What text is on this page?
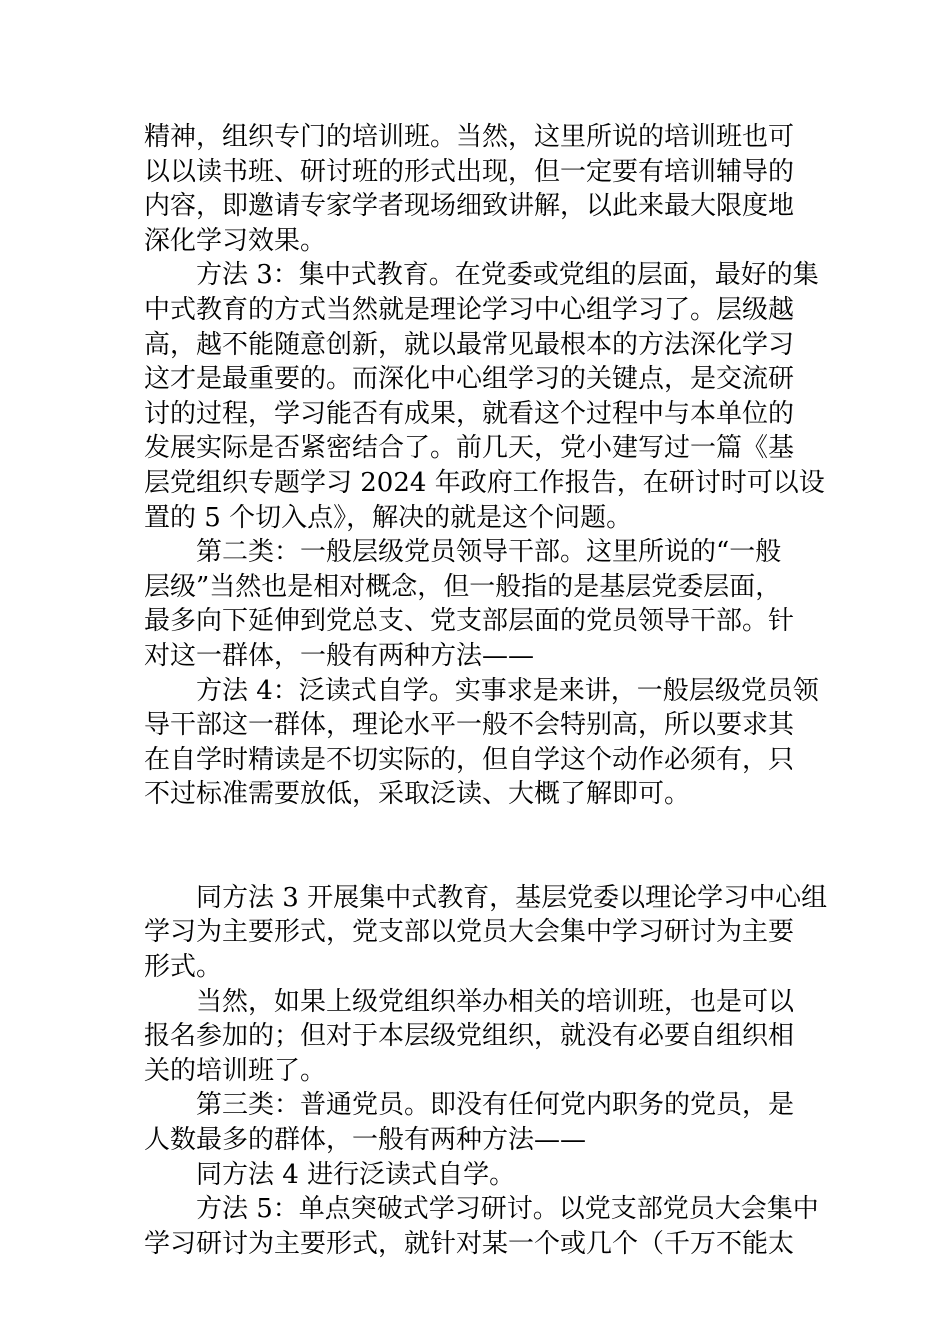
精神，组织专门的培训班。当然，这里所说的培训班也可
以以读书班、研讨班的形式出现，但一定要有培训辅导的
内容，即邀请专家学者现场细致讲解，以此来最大限度地
深化学习效果。
方法 3：集中式教育。在党委或党组的层面，最好的集
中式教育的方式当然就是理论学习中心组学习了。层级越
高，越不能随意创新，就以最常见最根本的方法深化学习
这才是最重要的。而深化中心组学习的关键点，是交流研
讨的过程，学习能否有成果，就看这个过程中与本单位的
发展实际是否紧密结合了。前几天，党小建写过一篇《基
层党组织专题学习 2024 年政府工作报告，在研讨时可以设
置的 5 个切入点》，解决的就是这个问题。
第二类：一般层级党员领导干部。这里所说的“一般
层级”当然也是相对概念，但一般指的是基层党委层面，
最多向下延伸到党总支、党支部层面的党员领导干部。针
对这一群体，一般有两种方法——
方法 4：泛读式自学。实事求是来讲，一般层级党员领
导干部这一群体，理论水平一般不会特别高，所以要求其
在自学时精读是不切实际的，但自学这个动作必须有，只
不过标准需要放低，采取泛读、大概了解即可。
同方法 3 开展集中式教育，基层党委以理论学习中心组
学习为主要形式，党支部以党员大会集中学习研讨为主要
形式。
当然，如果上级党组织举办相关的培训班，也是可以
报名参加的；但对于本层级党组织，就没有必要自组织相
关的培训班了。
第三类：普通党员。即没有任何党内职务的党员，是
人数最多的群体，一般有两种方法——
同方法 4 进行泛读式自学。
方法 5：单点突破式学习研讨。以党支部党员大会集中
学习研讨为主要形式，就针对某一个或几个（千万不能太
